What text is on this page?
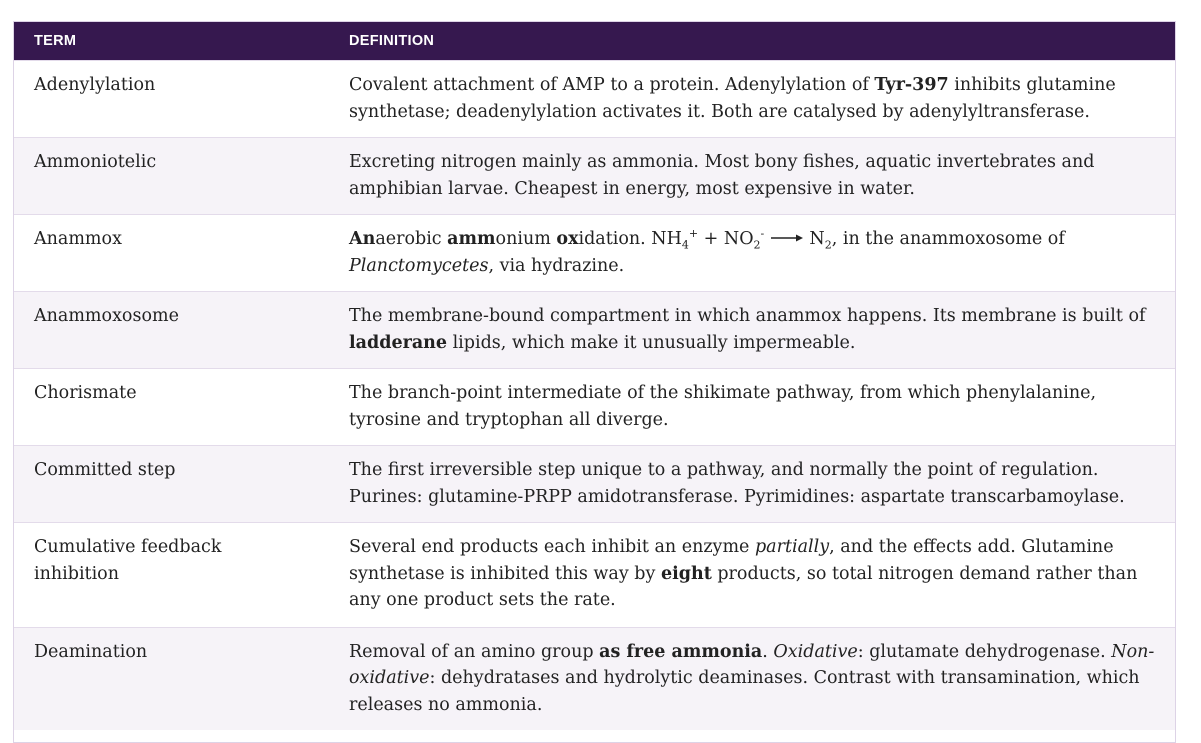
TERM	DEFINITION
Adenylylation	Covalent attachment of AMP to a protein. Adenylylation of Tyr-397 inhibits glutamine synthetase; deadenylylation activates it. Both are catalysed by adenylyltransferase.
Ammoniotelic	Excreting nitrogen mainly as ammonia. Most bony fishes, aquatic invertebrates and amphibian larvae. Cheapest in energy, most expensive in water.
Anammox	Anaerobic ammonium oxidation. $NH_4^+ + NO_2^- \to N_2$, in the anammoxosome of Planctomycetes, via hydrazine.
Anammoxosome	The membrane-bound compartment in which anammox happens. Its membrane is built of ladderane lipids, which make it unusually impermeable.
Chorismate	The branch-point intermediate of the shikimate pathway, from which phenylalanine, tyrosine and tryptophan all diverge.
Committed step	The first irreversible step unique to a pathway, and normally the point of regulation. Purines: glutamine-PRPP amidotransferase. Pyrimidines: aspartate transcarbamoylase.
Cumulative feedback inhibition	Several end products each inhibit an enzyme partially, and the effects add. Glutamine synthetase is inhibited this way by eight products, so total nitrogen demand rather than any one product sets the rate.
Deamination	Removal of an amino group as free ammonia. Oxidative: glutamate dehydrogenase. Non-oxidative: dehydratases and hydrolytic deaminases. Contrast with transamination, which releases no ammonia.
